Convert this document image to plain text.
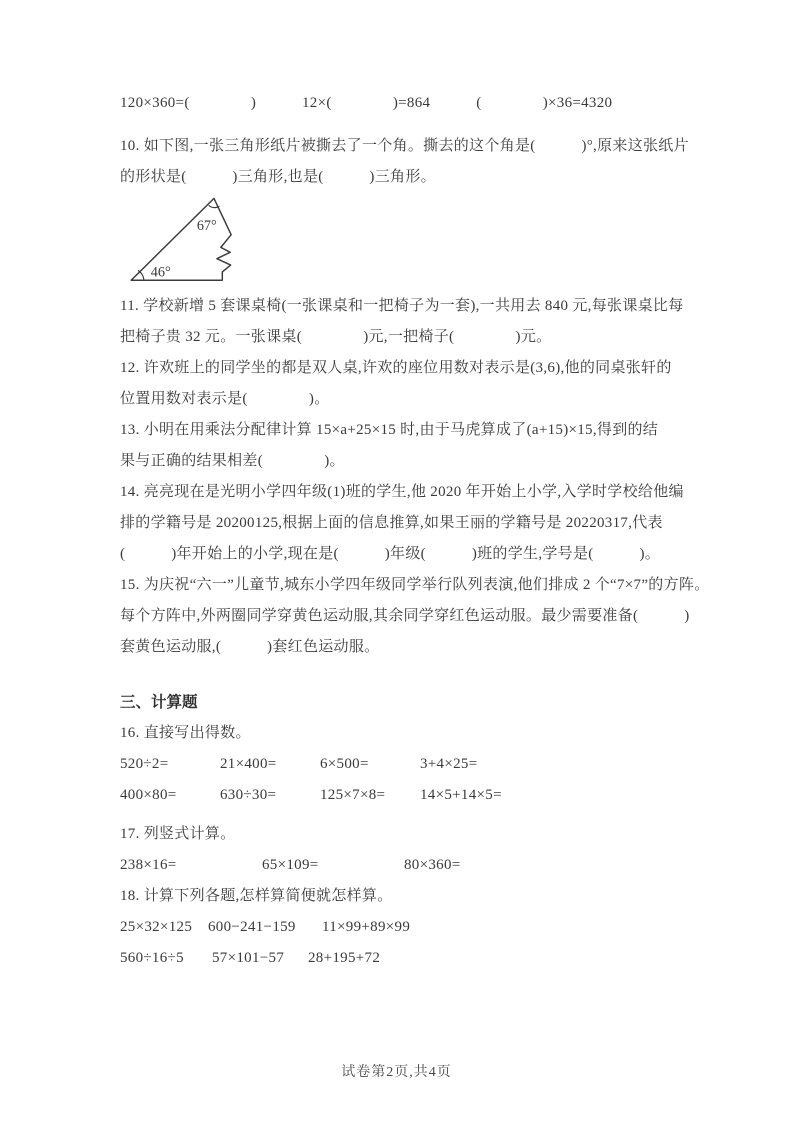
120×360=(　　　　)　　　12×(　　　　)=864　　　(　　　　)×36=4320
10. 如下图,一张三角形纸片被撕去了一个角。撕去的这个角是(　　　)°,原来这张纸片
的形状是(　　　)三角形,也是(　　　)三角形。
67°
46°
11. 学校新增 5 套课桌椅(一张课桌和一把椅子为一套),一共用去 840 元,每张课桌比每
把椅子贵 32 元。一张课桌(　　　　)元,一把椅子(　　　　)元。
12. 许欢班上的同学坐的都是双人桌,许欢的座位用数对表示是(3,6),他的同桌张轩的
位置用数对表示是(　　　　)。
13. 小明在用乘法分配律计算 15×a+25×15 时,由于马虎算成了(a+15)×15,得到的结
果与正确的结果相差(　　　　)。
14. 亮亮现在是光明小学四年级(1)班的学生,他 2020 年开始上小学,入学时学校给他编
排的学籍号是 20200125,根据上面的信息推算,如果王丽的学籍号是 20220317,代表
(　　　)年开始上的小学,现在是(　　　)年级(　　　)班的学生,学号是(　　　)。
15. 为庆祝“六一”儿童节,城东小学四年级同学举行队列表演,他们排成 2 个“7×7”的方阵。
每个方阵中,外两圈同学穿黄色运动服,其余同学穿红色运动服。最少需要准备(　　　)
套黄色运动服,(　　　)套红色运动服。
三、计算题
16. 直接写出得数。
520÷2=	21×400=	6×500=	3+4×25=
400×80=	630÷30=	125×7×8=	14×5+14×5=
17. 列竖式计算。
238×16=	65×109=	80×360=
18. 计算下列各题,怎样算简便就怎样算。
25×32×125	600−241−159	11×99+89×99
560÷16÷5	57×101−57	28+195+72
试卷第2页,共4页
